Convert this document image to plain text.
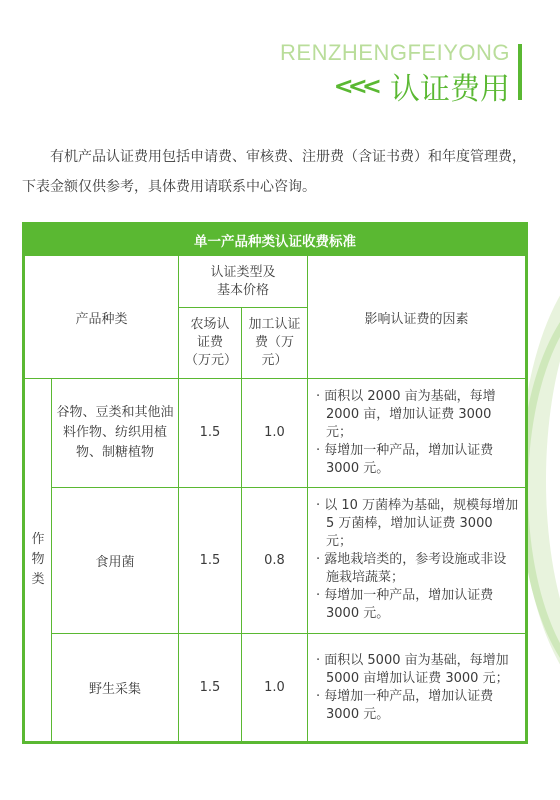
RENZHENGFEIYONG
<<< 认证费用

有机产品认证费用包括申请费、审核费、注册费（含证书费）和年度管理费，下表金额仅供参考，具体费用请联系中心咨询。

单一产品种类认证收费标准				
产品种类		认证类型及基本价格		影响认证费的因素
		农场认证费（万元）	加工认证费（万元）	
作物类	谷物、豆类和其他油料作物、纺织用植物、制糖植物	1.5	1.0	· 面积以 2000 亩为基础，每增 2000 亩，增加认证费 3000 元；
· 每增加一种产品，增加认证费 3000 元。

	食用菌	1.5	0.8	· 以 10 万菌棒为基础，规模每增加 5 万菌棒，增加认证费 3000 元；
· 露地栽培类的，参考设施或非设施栽培蔬菜；
· 每增加一种产品，增加认证费 3000 元。

	野生采集	1.5	1.0	· 面积以 5000 亩为基础，每增加 5000 亩增加认证费 3000 元；
· 每增加一种产品，增加认证费 3000 元。
